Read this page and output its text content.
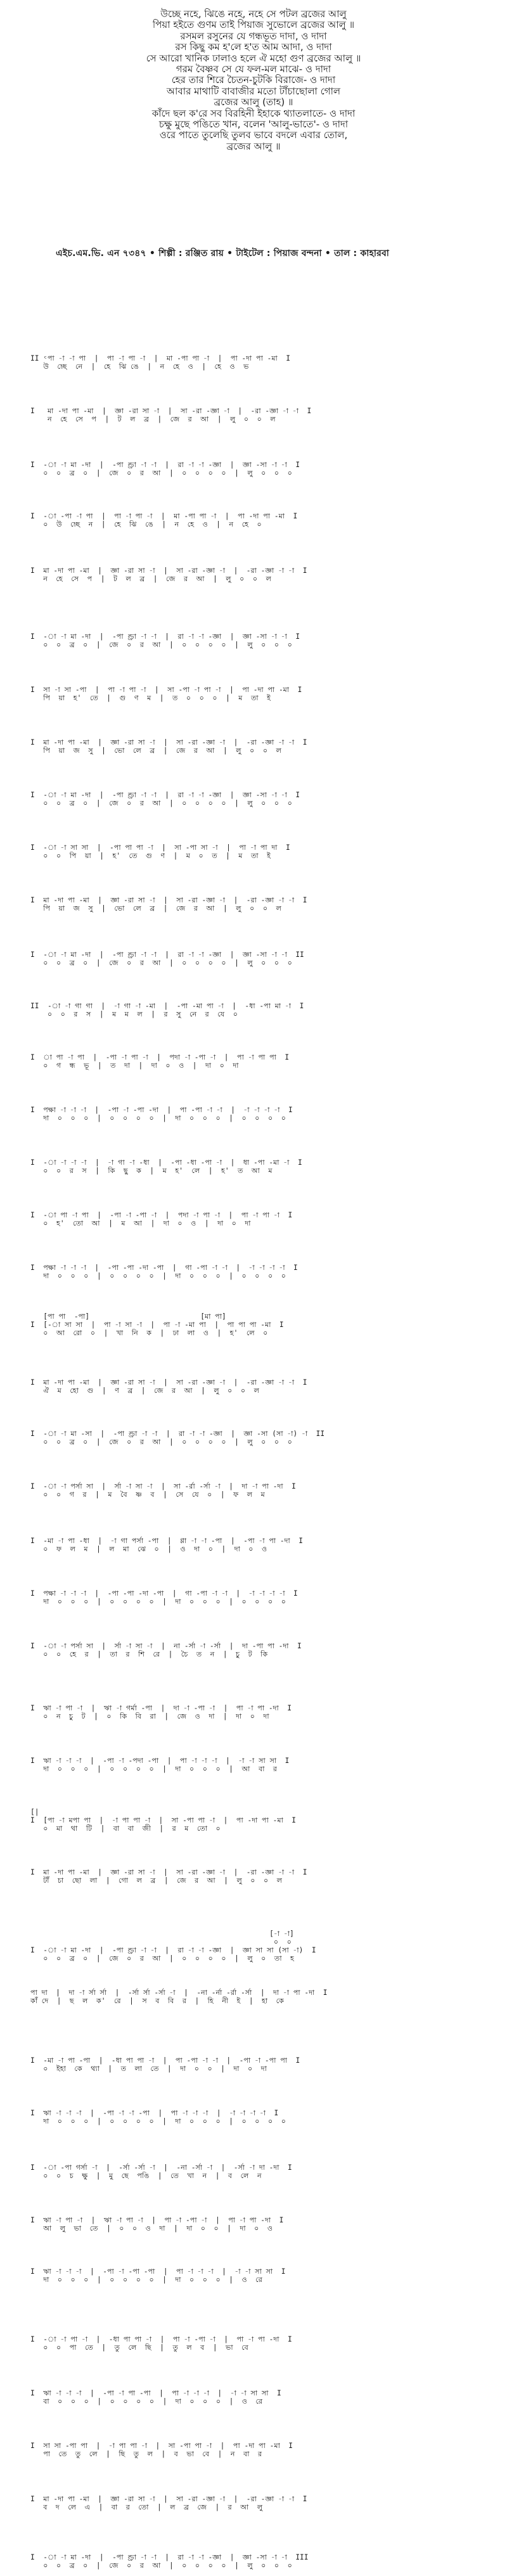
উচ্ছে নহে, ঝিঙে নহে, নহে সে পটল ব্রজের আলু

পিয়া হইতে গুণম তাই পিয়াজ সুভোলে ব্রজের আলু ॥

রসমল রসুনের যে গন্ধভূত দাদা, ও দাদা

রস কিছু কম হ'লে হ'ত আম আদা, ও দাদা

সে আরো খানিক ঢালাও হলে ঐ মহো গুণ ব্রজের আলু ॥

গরম বৈষ্ণব সে যে ফল-মল মাঝে- ও দাদা

হের তার শিরে চৈতন-চুটকি বিরাজে- ও দাদা

আবার মাথাটি বাবাজীর মতো টাঁচাছোলা গোল

ব্রজের আলু (তাহ) ॥

কাঁদে ছল ক'রে সব বিরহিনী ইহাকে থ্যাতলাতে- ও দাদা

চক্ষু মুছে পঙিতে খান, বলেন 'আলু-ভাতে'- ও দাদা

ওরে পাতে তুলেছি তুলব ভাবে বদলে এবার তোল,

ব্রজের আলু ॥

এইচ.এম.ভি. এন ৭৩৪৭ • শিল্পী : রঞ্জিত রায় • টাইটেল : পিয়াজ বন্দনা • তাল : কাহারবা
II ᶜপা -া -া পা  |  পা -া পা -া  |  মা -পা পা -া  |  পা -দা পা -মা  I
উ  চ্ছে  নে  |  হে  ঝি ঙে  |  ন  হে  ও  |  হে  ও  ভ
I   মা -দা পা -মা  |  জ্ঞা -রা সা -া  |  সা -রা -জ্ঞা -া  |  -রা -জ্ঞা -া -া  I
ন  হে  সে  প  |  ট  ল  ব্র  |  জে  র  আ  |  লু  ০  ০  ল
I  -া -া মা -দা  |  -পা ণ্ড্রা -া -া  |  রা -া -া -জ্ঞা  |  জ্ঞা -সা -া -া  I
০  ০  ব্র  ০  |  জে  ০  র  আ  |  ০  ০  ০  ০  |  লু  ০  ০  ০
I  -া -পা -া পা  |  পা -া পা -া  |  মা -পা পা -া  |  পা -দা পা -মা  I
০  উ  চ্ছে  ন  |  হে  ঝি  ঙে  |  ন  হে  ও  |  ন  হে  ০
I  মা -দা পা -মা  |  জ্ঞা -রা সা -া  |  সা -রা -জ্ঞা -া  |  -রা -জ্ঞা -া -া  I
ন  হে  সে  প  |  ট  ল  ব্র  |  জে  র  আ  |  লু  ০  ০  ল
I  -া -া মা -দা  |  -পা ণ্ড্রা -া -া  |  রা -া -া -জ্ঞা  |  জ্ঞা -সা -া -া  I
০  ০  ব্র  ০  |  জে  ০  র  আ  |  ০  ০  ০  ০  |  লু  ০  ০  ০
I  সা -া সা -পা  |  পা -া পা -া  |  সা -পা -া পা -া  |  পা -দা পা -মা  I
পি  য়া  হ'  তে  |  গু  ণ  ম  |  ত  ০  ০  ০  |  ম  তা  ই
I  মা -দা পা -মা  |  জ্ঞা -রা সা -া  |  সা -রা -জ্ঞা -া  |  -রা -জ্ঞা -া -া  I
পি  য়া  জ  সু  |  ভো  লে  ব্র  |  জে  র  আ  |  লু  ০  ০  ল
I  -া -া মা -দা  |  -পা ণ্ড্রা -া -া  |  রা -া -া -জ্ঞা  |  জ্ঞা -সা -া -া  I
০  ০  ব্র  ০  |  জে  ০  র  আ  |  ০  ০  ০  ০  |  লু  ০  ০  ০
I  -া -া সা সা  |  -পা পা পা -া  |  সা -পা সা -া  |  পা -া পা দা  I
০  ০  পি  য়া  |  হ'  তে  গু  ণ  |  ম  ০  ত  |  ম  তা  ই
I  মা -দা পা -মা  |  জ্ঞা -রা সা -া  |  সা -রা -জ্ঞা -া  |  -রা -জ্ঞা -া -া  I
পি  য়া  জ  সু  |  ভো  লে  ব্র  |  জে  র  আ  |  লু  ০  ০  ল
I  -া -া মা -দা  |  -পা ণ্ড্রা -া -া  |  রা -া -া -জ্ঞা  |  জ্ঞা -সা -া -া  II
০  ০  ব্র  ০  |  জে  ০  র  আ  |  ০  ০  ০  ০  |  লু  ০  ০  ০
II  -া -া গা গা  |  -া গা -া -মা  |  -পা -মা পা -া  |  -ধা -পা মা -া  I
০  ০  র  স  |  ম  ম  ল  |  র  সু  নে  র  যে  ০
I  া পা -া পা  |  -পা -া পা -া  |  পদা -া -পা -া  |  পা -া পা পা  I
০  গ  ন্ধ  ভূ  |  ত  দা  |  দা  ০  ও  |  দা  ০  দা
I  পক্ষা -া -া -া  |  -পা -া -পা -দা  |  পা -পা -া -া  |  -া -া -া -া  I
দা  ০  ০  ০  |  ০  ০  ০  ০  |  দা  ০  ০  ০  |  ০  ০  ০  ০
I  -া -া -া -া  |  -া গা -া -ধা  |  -পা -ধা -পা -া  |  ধা -পা -মা -া  I
০  ০  র  স  |  কি  ছু  ক  |  ম  হ'  লে  |  হ'  ত  আ  ম
I  -া পা -া পা  |  -পা -া -পা -া  |  পদা -া পা -া  |  পা -া পা -া  I
০  হ'  তো  আ  |  ম  আ  |  দা  ০  ও  |  দা  ০  দা
I  পক্ষা -া -া -া  |  -পা -পা -দা -পা  |  গা -পা -া -া  |  -া -া -া -া  I
দা  ০  ০  ০  |  ০  ০  ০  ০  |  দা  ০  ০  ০  |  ০  ০  ০  ০
[পা পা  -পা]                          [মা পা]
I  [-া সা সা  |  পা -া সা -া  |  পা -া -মা পা  |  পা পা পা -মা  I
০  আ  রো  ০  |  খা  নি  ক  |  ঢা  লা  ও  |  হ'  লে  ০
I  মা -দা পা -মা  |  জ্ঞা -রা সা -া  |  সা -রা -জ্ঞা -া  |  -রা -জ্ঞা -া -া  I
ঐ  ম  হো  গু  |  ণ  ব্র  |  জে  র  আ  |  লু  ০  ০  ল
I  -া -া মা -সা  |  -পা ণ্ড্রা -া -া  |  রা -া -া -জ্ঞা  |  জ্ঞা -সা (সা -া) -া  II
০  ০  ব্র  ০  |  জে  ০  র  আ  |  ০  ০  ০  ০  |  লু  ০  ০  ০
I  -া -া পর্সা সা  |  র্সা -া সা -া  |  সা -র্রা -র্সা -া  |  দা -া পা -দা  I
০  ০  গ  র  |  ম  বৈ  ষ্ণ  ব  |  সে  যে  ০  |  ফ  ল  ম
I  -মা -া পা -ধা  |  -া গা পর্সা -পা  |  ণ্ণা -া -া -পা  |  -পা -া পা -দা  I
০  ফ  ল  ম  |  ল  মা  ঝে  ০  |  ও  দা  ০  |  দা  ০  ও
I  পক্ষা -া -া -া  |  -পা -পা -দা -পা  |  গা -পা -া -া  |  -া -া -া -া  I
দা  ০  ০  ০  |  ০  ০  ০  ০  |  দা  ০  ০  ০  |  ০  ০  ০  ০
I  -া -া পর্সা সা  |  র্সা -া সা -া  |  না -র্সা -া -র্সা  |  দা -পা পা -দা  I
০  ০  হে  র  |  তা  র  শি  রে  |  চৈ  ত  ন  |  চু  ট  কি
I  ঋা -া পা -া  |  ঋা -া গর্মা -পা  |  দা -া -পা -া  |  পা -া পা -দা  I
০  ন  চু  ট  |  ০  কি  বি  রা  |  জে  ও  দা  |  দা  ০  দা
I  ঋা -া -া -া  |  -পা -া -পদা -পা  |  পা -া -া -া  |  -া -া সা সা  I
দা  ০  ০  ০  |  ০  ০  ০  ০  |  দা  ০  ০  ০  |  আ  বা  র
[|
I  [পা -া মপা পা  |  -া পা পা -া  |  সা -পা পা -া  |  পা -দা পা -মা  I
০  মা  থা  টি  |  বা  বা  জী  |  র  ম  তো  ০
I  মা -দা পা -মা  |  জ্ঞা -রা সা -া  |  সা -রা -জ্ঞা -া  |  -রা -জ্ঞা -া -া  I
টাঁ  চা  ছো  লা  |  গো  ল  ব্র  |  জে  র  আ  |  লু  ০  ০  ল
[-া -া]
০  ০
I  -া -া মা -দা  |  -পা ণ্ড্রা -া -া  |  রা -া -া -জ্ঞা  |  জ্ঞা সা সা (সা -া)  I
০  ০  ব্র  ০  |  জে  ০  র  আ  |  ০  ০  ০  ০  |  লু  ০  তা  হ
পা দা  |  দা -া র্সা র্সা  |  -র্সা র্সা -র্সা -া  |  -না -র্না -র্রা -র্সা  |  দা -া পা -দা  I
কাঁ দে  |  ছ  ল  ক'  রে  |  স  ব  বি  র  |  হি  নী  ই  |  হা  কে
I  -মা -া পা -পা  |  -ধা পা পা -া  |  পা -পা -া -া  |  -পা -া -পা পা  I
০  ইহা  কে  থ্যা  |  ত  লা  তে  |  দা  ০  ০  |  দা  ০  দা
I  ঋা -া -া -া  |  -পা -া -া -পা  |  পা -া -া -া  |  -া -া -া -া  I
দা  ০  ০  ০  |  ০  ০  ০  ০  |  দা  ০  ০  ০  |  ০  ০  ০  ০
I  -া -পা গর্সা -া  |  -র্সা -র্সা -া  |  -না -র্সা -া  |  -র্সা -া দা -দা  I
০  ০  চ  ক্ষু  |  মু  ছে  পঙি  |  তে  খা  ন  |  ব  লে  ন
I  ঋা -া পা -া  |  ঋা -া পা -া  |  পা -া -পা -া  |  পা -া পা -দা  I
আ  লু  ভা  তে  |  ০  ০  ও  দা  |  দা  ০  ০  |  দা  ০  ও
I  ঋা -া -া -া  |  -পা -া -পা -পা  |  পা -া -া -া  |  -া -া সা সা  I
দা  ০  ০  ০  |  ০  ০  ০  ০  |  দা  ০  ০  ০  |  ও  রে
I  -া -া পা -া  |  -ধা পা পা -া  |  পা -া -পা -া  |  পা -া পা -দা  I
০  ০  পা  তে  |  তু  লে  ছি  |  তু  ল  ব  |  ভা  বে
I  ঋা -া -া -া  |  -পা -া পা -পা  |  পা -া -া -া  |  -া -া সা সা  I
বা  ০  ০  ০  |  ০  ০  ০  ০  |  দা  ০  ০  ০  |  ও  রে
I  সা সা -পা পা  |  -া পা পা -া  |  সা -পা পা -া  |  পা -দা পা -মা  I
পা  তে  তু  লে  |  ছি  তু  ল  |  ব  ভা  বে  |  ন  বা  র
I  মা -দা পা -মা  |  জ্ঞা -রা সা -া  |  সা -রা -জ্ঞা -া  |  -রা -জ্ঞা -া -া  I
ব  দ  লে  এ  |  বা  র  তো  |  ল  ব্র  জে  |  র  আ  লু
I  -া -া মা -দা  |  -পা ণ্ড্রা -া -া  |  রা -া -া -জ্ঞা  |  জ্ঞা -সা -া -া  III
০  ০  ব্র  ০  |  জে  ০  র  আ  |  ০  ০  ০  ০  |  লু  ০  ০  ০
